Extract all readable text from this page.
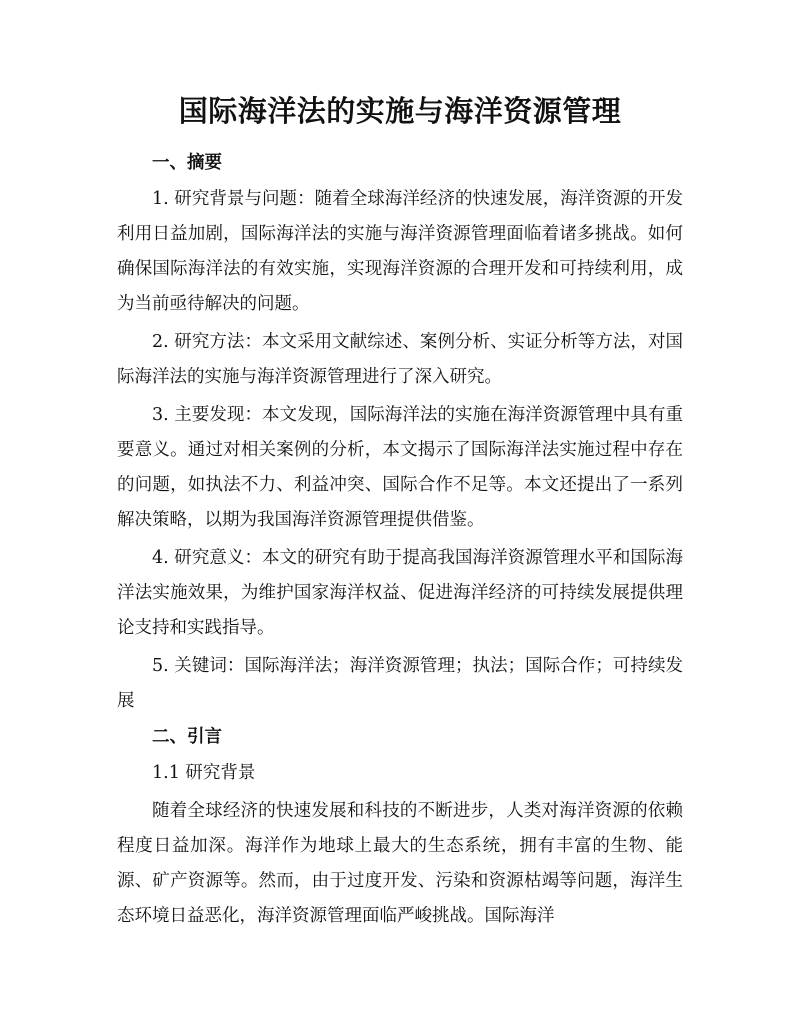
国际海洋法的实施与海洋资源管理
一、摘要

1. 研究背景与问题：随着全球海洋经济的快速发展，海洋资源的开发利用日益加剧，国际海洋法的实施与海洋资源管理面临着诸多挑战。如何确保国际海洋法的有效实施，实现海洋资源的合理开发和可持续利用，成为当前亟待解决的问题。

2. 研究方法：本文采用文献综述、案例分析、实证分析等方法，对国际海洋法的实施与海洋资源管理进行了深入研究。

3. 主要发现：本文发现，国际海洋法的实施在海洋资源管理中具有重要意义。通过对相关案例的分析，本文揭示了国际海洋法实施过程中存在的问题，如执法不力、利益冲突、国际合作不足等。本文还提出了一系列解决策略，以期为我国海洋资源管理提供借鉴。

4. 研究意义：本文的研究有助于提高我国海洋资源管理水平和国际海洋法实施效果，为维护国家海洋权益、促进海洋经济的可持续发展提供理论支持和实践指导。

5. 关键词：国际海洋法；海洋资源管理；执法；国际合作；可持续发展

二、引言
1.1 研究背景

随着全球经济的快速发展和科技的不断进步，人类对海洋资源的依赖程度日益加深。海洋作为地球上最大的生态系统，拥有丰富的生物、能源、矿产资源等。然而，由于过度开发、污染和资源枯竭等问题，海洋生态环境日益恶化，海洋资源管理面临严峻挑战。国际海洋
